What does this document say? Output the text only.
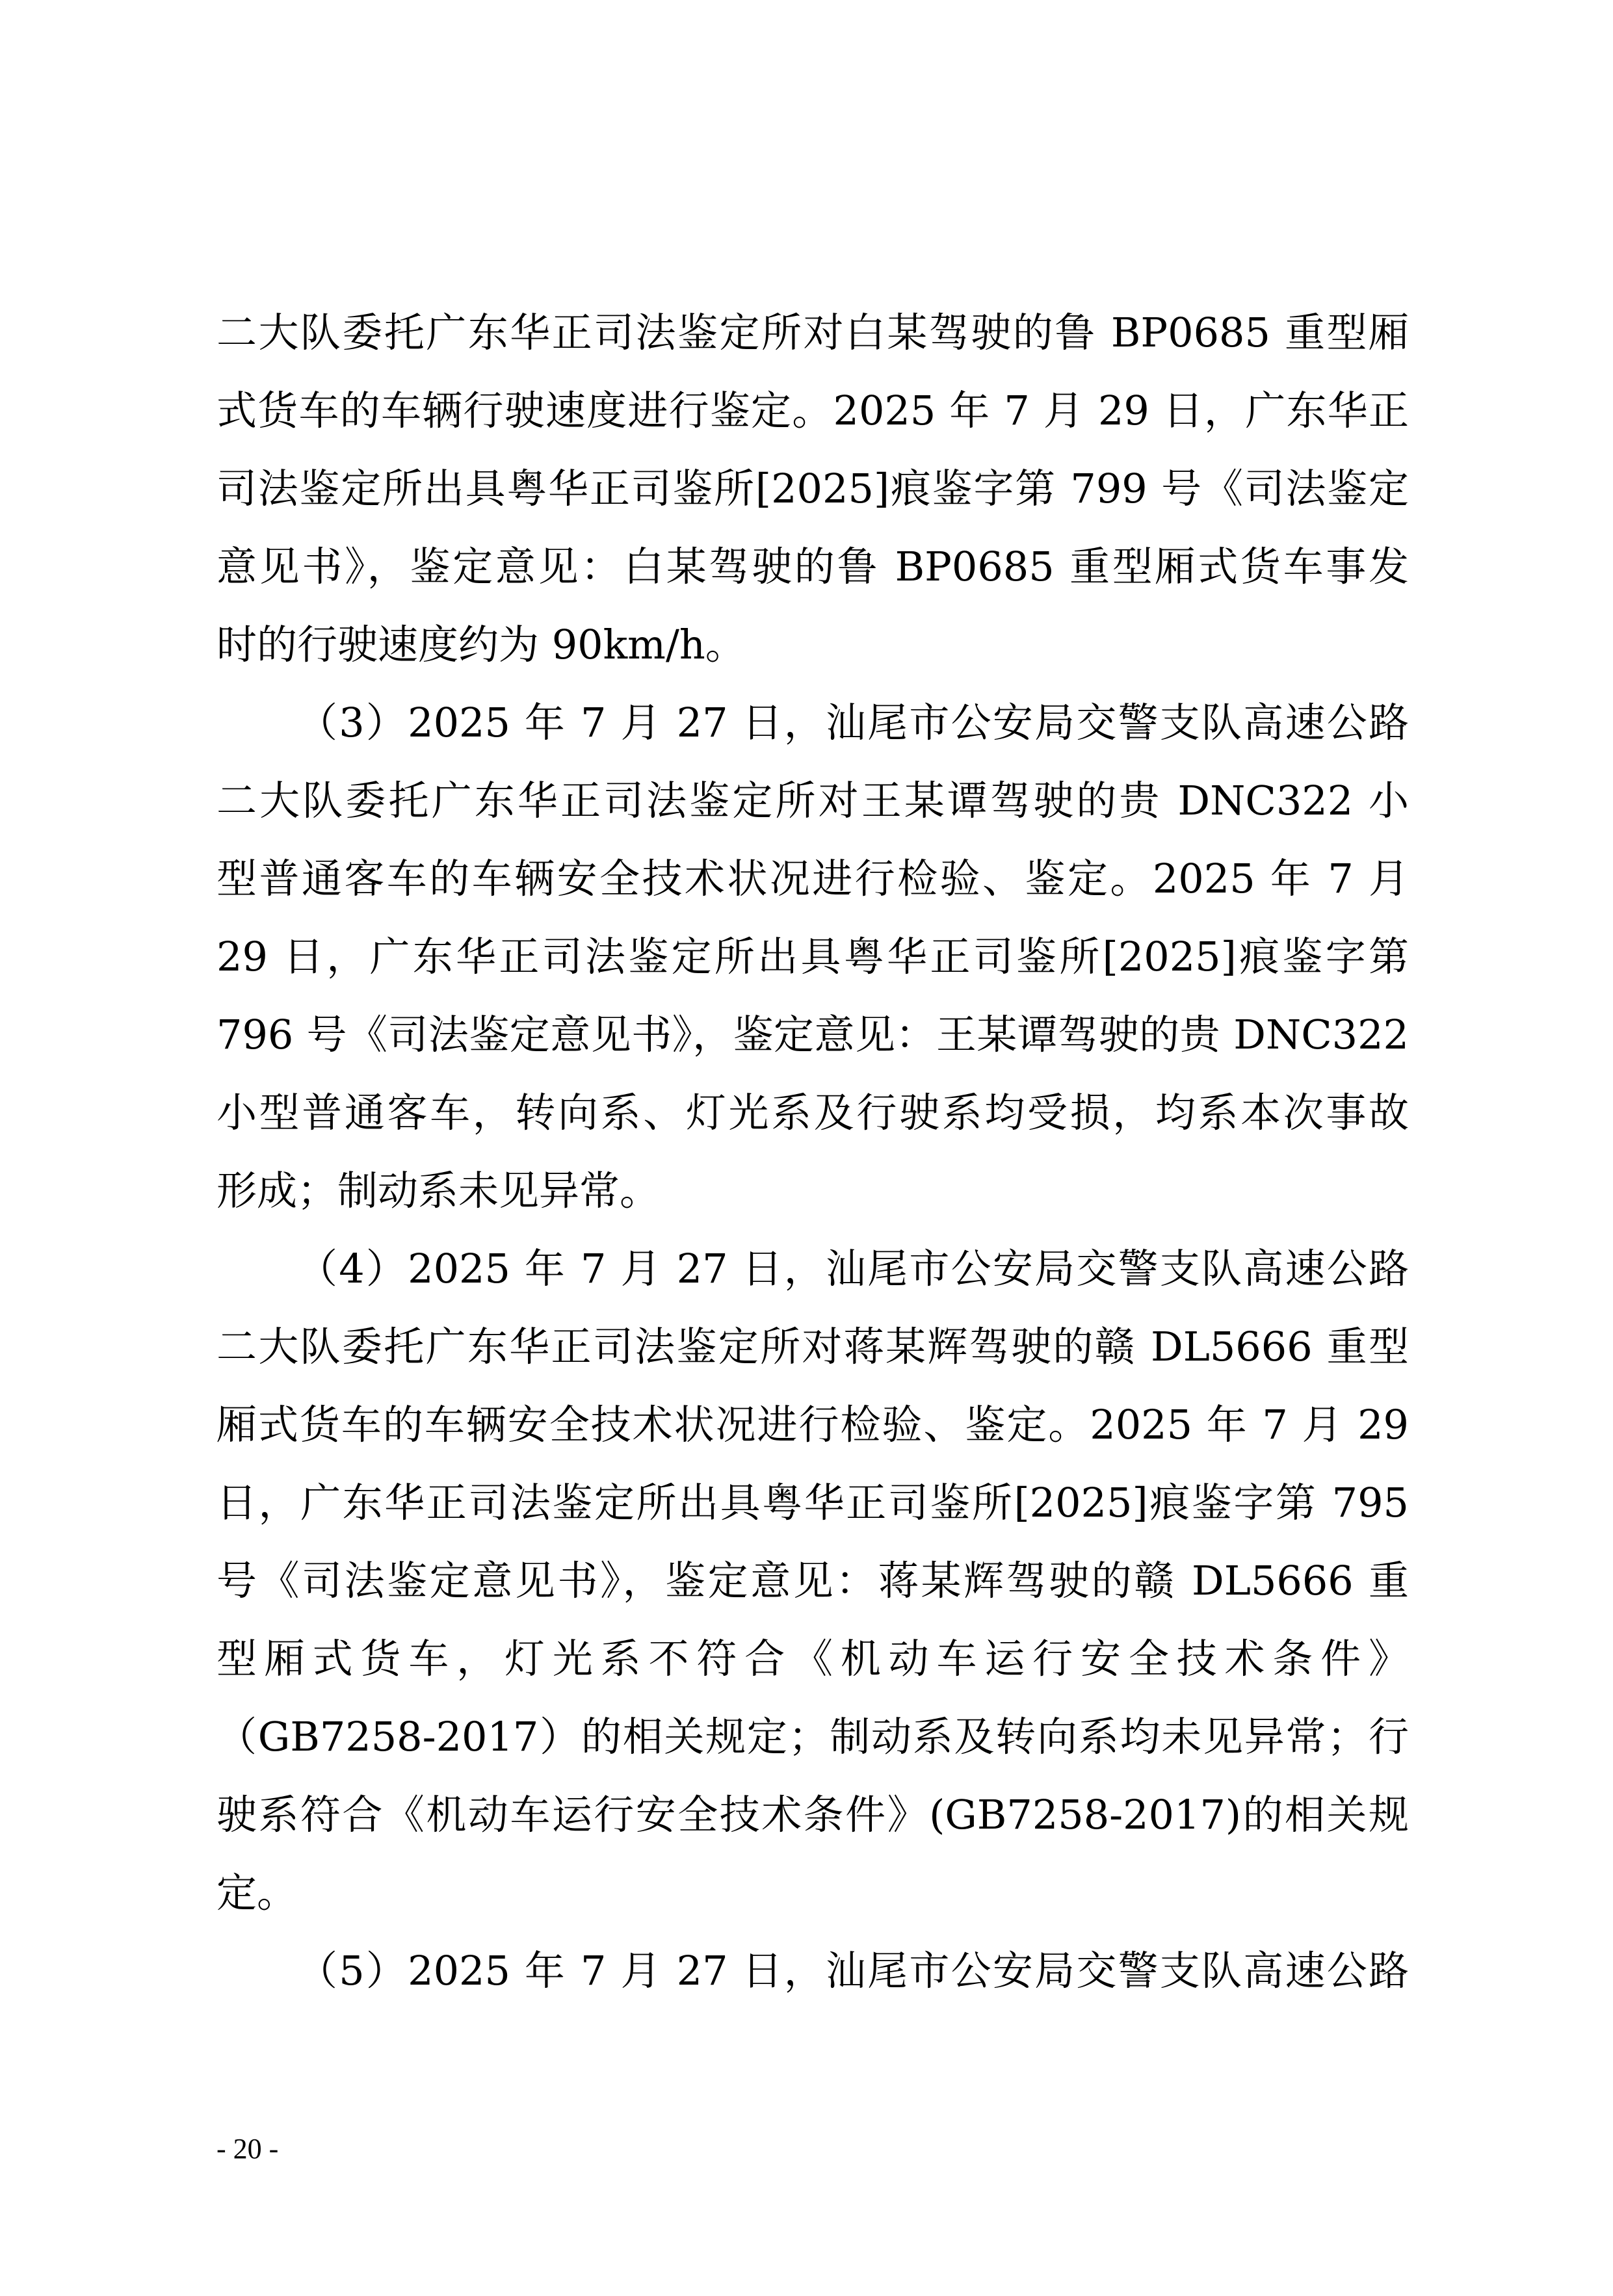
二大队委托广东华正司法鉴定所对白某驾驶的鲁 BP0685 重型厢
式货车的车辆行驶速度进行鉴定。2025 年 7 月 29 日，广东华正
司法鉴定所出具粤华正司鉴所[2025]痕鉴字第 799 号《司法鉴定
意见书》，鉴定意见：白某驾驶的鲁 BP0685 重型厢式货车事发
时的行驶速度约为 90km/h。
（3）2025 年 7 月 27 日，汕尾市公安局交警支队高速公路
二大队委托广东华正司法鉴定所对王某谭驾驶的贵 DNC322 小
型普通客车的车辆安全技术状况进行检验、鉴定。2025 年 7 月
29 日，广东华正司法鉴定所出具粤华正司鉴所[2025]痕鉴字第
796 号《司法鉴定意见书》，鉴定意见：王某谭驾驶的贵 DNC322
小型普通客车，转向系、灯光系及行驶系均受损，均系本次事故
形成；制动系未见异常。
（4）2025 年 7 月 27 日，汕尾市公安局交警支队高速公路
二大队委托广东华正司法鉴定所对蒋某辉驾驶的赣 DL5666 重型
厢式货车的车辆安全技术状况进行检验、鉴定。2025 年 7 月 29
日，广东华正司法鉴定所出具粤华正司鉴所[2025]痕鉴字第 795
号《司法鉴定意见书》，鉴定意见：蒋某辉驾驶的赣 DL5666 重
型厢式货车，灯光系不符合《机动车运行安全技术条件》
（GB7258-2017）的相关规定；制动系及转向系均未见异常；行
驶系符合《机动车运行安全技术条件》(GB7258-2017)的相关规
定。
（5）2025 年 7 月 27 日，汕尾市公安局交警支队高速公路
- 20 -
